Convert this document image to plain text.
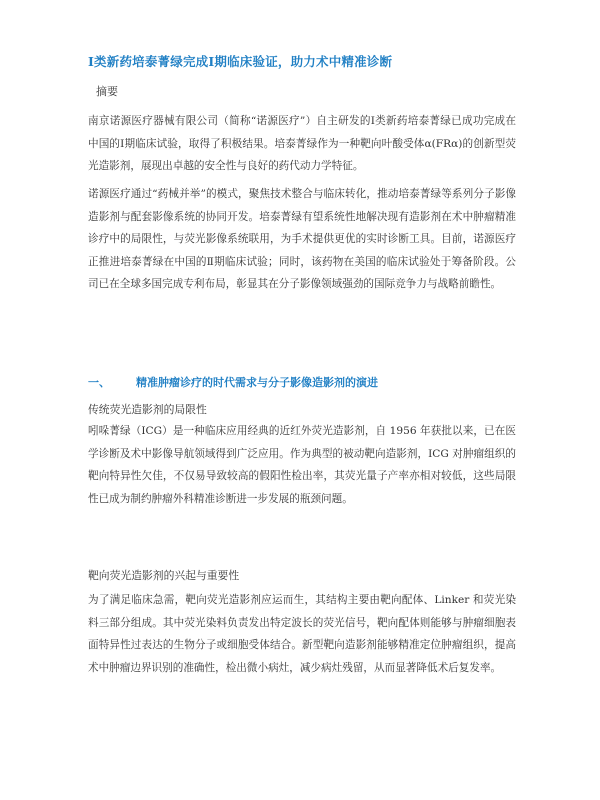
Ⅰ类新药培泰菁绿完成Ⅰ期临床验证，助力术中精准诊断
摘要

南京诺源医疗器械有限公司（简称“诺源医疗”）自主研发的Ⅰ类新药培泰菁绿已成功完成在中国的Ⅰ期临床试验，取得了积极结果。培泰菁绿作为一种靶向叶酸受体α(FRα)的创新型荧光造影剂，展现出卓越的安全性与良好的药代动力学特征。

诺源医疗通过“药械并举”的模式，聚焦技术整合与临床转化，推动培泰菁绿等系列分子影像造影剂与配套影像系统的协同开发。培泰菁绿有望系统性地解决现有造影剂在术中肿瘤精准诊疗中的局限性，与荧光影像系统联用，为手术提供更优的实时诊断工具。目前，诺源医疗正推进培泰菁绿在中国的Ⅱ期临床试验；同时，该药物在美国的临床试验处于筹备阶段。公司已在全球多国完成专利布局，彰显其在分子影像领域强劲的国际竞争力与战略前瞻性。

一、 精准肿瘤诊疗的时代需求与分子影像造影剂的演进
传统荧光造影剂的局限性

吲哚菁绿（ICG）是一种临床应用经典的近红外荧光造影剂，自 1956 年获批以来，已在医学诊断及术中影像导航领域得到广泛应用。作为典型的被动靶向造影剂，ICG 对肿瘤组织的靶向特异性欠佳，不仅易导致较高的假阳性检出率，其荧光量子产率亦相对较低，这些局限性已成为制约肿瘤外科精准诊断进一步发展的瓶颈问题。

靶向荧光造影剂的兴起与重要性

为了满足临床急需，靶向荧光造影剂应运而生，其结构主要由靶向配体、Linker 和荧光染料三部分组成。其中荧光染料负责发出特定波长的荧光信号，靶向配体则能够与肿瘤细胞表面特异性过表达的生物分子或细胞受体结合。新型靶向造影剂能够精准定位肿瘤组织，提高术中肿瘤边界识别的准确性，检出微小病灶，减少病灶残留，从而显著降低术后复发率。
